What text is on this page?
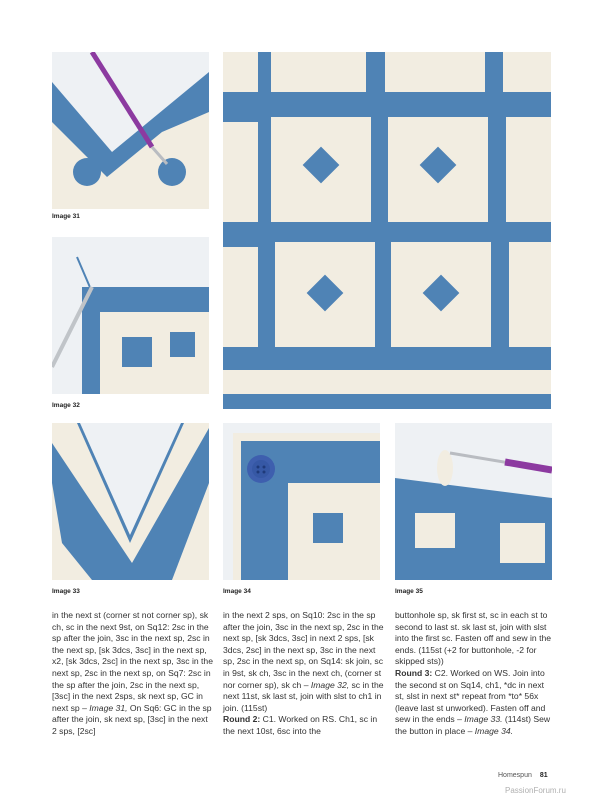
Image 31
Image 32
Image 33	Image 34	Image 35

in the next st (corner st not corner sp), sk ch, sc in the next 9st, on Sq12: 2sc in the sp after the join, 3sc in the next sp, 2sc in the next sp, [sk 3dcs, 3sc] in the next sp, x2, [sk 3dcs, 2sc] in the next sp, 3sc in the next sp, 2sc in the next sp, on Sq7: 2sc in the sp after the join, 2sc in the next sp, [3sc] in the next 2sps, sk next sp, GC in next sp – Image 31, On Sq6: GC in the sp after the join, sk next sp, [3sc] in the next 2 sps, [2sc]

in the next 2 sps, on Sq10: 2sc in the sp after the join, 3sc in the next sp, 2sc in the next sp, [sk 3dcs, 3sc] in next 2 sps, [sk 3dcs, 2sc] in the next sp, 3sc in the next sp, 2sc in the next sp, on Sq14: sk join, sc in 9st, sk ch, 3sc in the next ch, (corner st nor corner sp), sk ch – Image 32, sc in the next 11st, sk last st, join with slst to ch1 in join. (115st)

Round 2: C1. Worked on RS. Ch1, sc in the next 10st, 6sc into the

buttonhole sp, sk first st, sc in each st to second to last st. sk last st, join with slst into the first sc. Fasten off and sew in the ends. (115st (+2 for buttonhole, -2 for skipped sts))

Round 3: C2. Worked on WS. Join into the second st on Sq14, ch1, *dc in next st, slst in next st* repeat from *to* 56x (leave last st unworked). Fasten off and sew in the ends – Image 33. (114st) Sew the button in place – Image 34.

Homespun 81
PassionForum.ru
